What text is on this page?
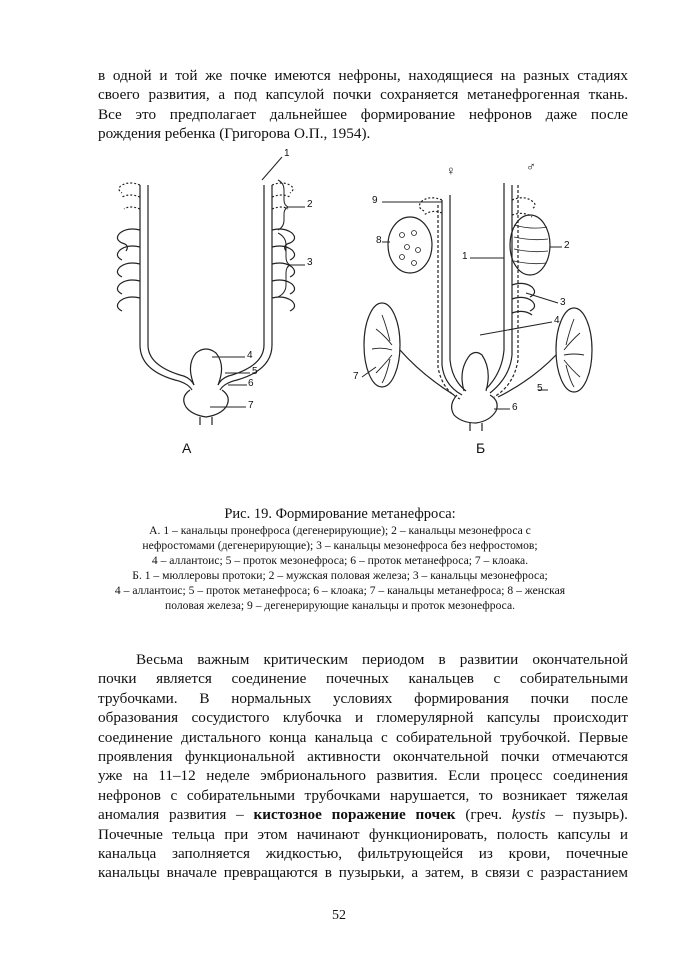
в одной и той же почке имеются нефроны, находящиеся на разных стадиях
своего развития, а под капсулой почки сохраняется метанефрогенная ткань.
Все это предполагает дальнейшее формирование нефронов даже после
рождения ребенка (Григорова О.П., 1954).
1
2
3
4
5
6
7
♀	♂
9
8
1
2
3
4
7
5
6
А	Б
Рис. 19. Формирование метанефроса:
А. 1 – канальцы пронефроса (дегенерирующие); 2 – канальцы мезонефроса с
нефростомами (дегенерирующие); 3 – канальцы мезонефроса без нефростомов;
4 – аллантоис; 5 – проток мезонефроса; 6 – проток метанефроса; 7 – клоака.
Б. 1 – мюллеровы протоки; 2 – мужская половая железа; 3 – канальцы мезонефроса;
4 – аллантоис; 5 – проток метанефроса; 6 – клоака; 7 – канальцы метанефроса; 8 – женская
половая железа; 9 – дегенерирующие канальцы и проток мезонефроса.
Весьма важным критическим периодом в развитии окончательной
почки является соединение почечных канальцев с собирательными
трубочками. В нормальных условиях формирования почки после
образования сосудистого клубочка и гломерулярной капсулы происходит
соединение дистального конца канальца с собирательной трубочкой. Первые
проявления функциональной активности окончательной почки отмечаются
уже на 11–12 неделе эмбрионального развития. Если процесс соединения
нефронов с собирательными трубочками нарушается, то возникает тяжелая
аномалия развития – кистозное поражение почек (греч. kystis – пузырь).
Почечные тельца при этом начинают функционировать, полость капсулы и
канальца заполняется жидкостью, фильтрующейся из крови, почечные
канальцы вначале превращаются в пузырьки, а затем, в связи с разрастанием
52
